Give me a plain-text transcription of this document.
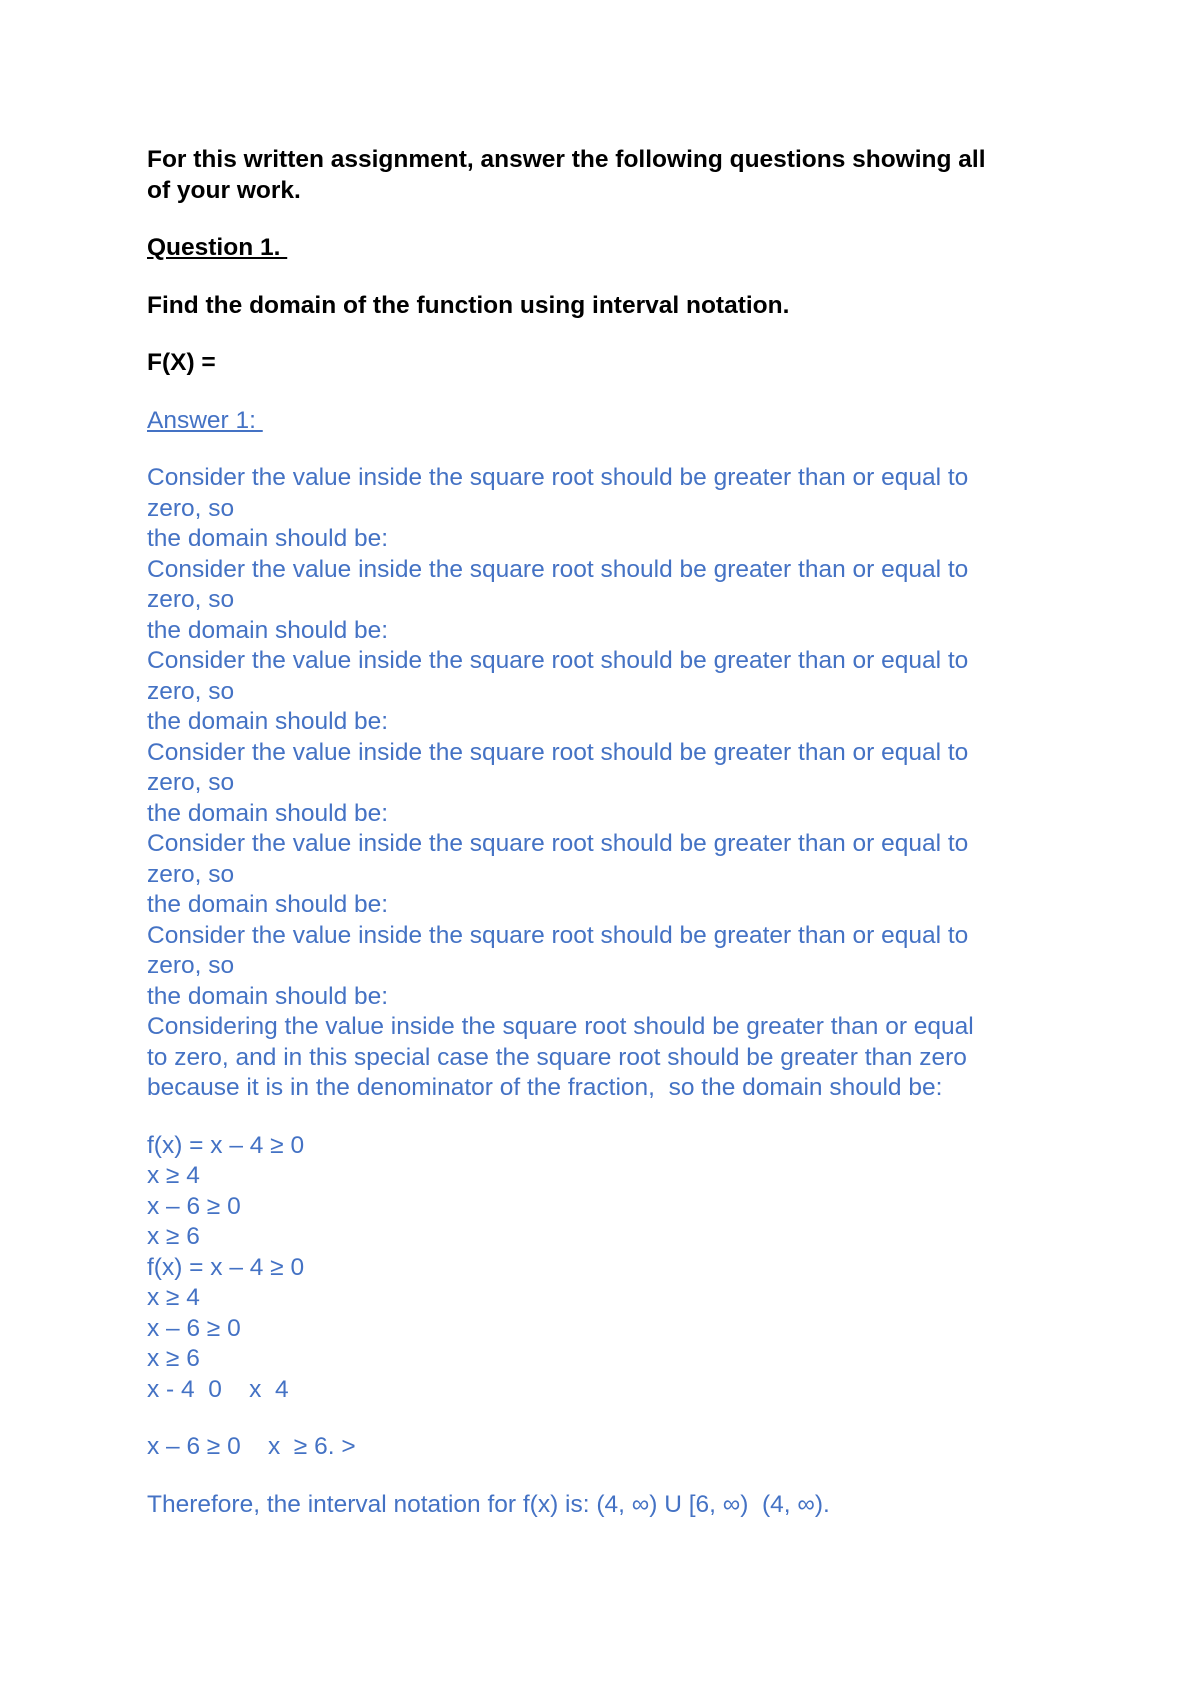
For this written assignment, answer the following questions showing all

of your work.

Question 1.

Find the domain of the function using interval notation.

F(X) =

Answer 1:

Consider the value inside the square root should be greater than or equal to

zero, so

the domain should be:

Consider the value inside the square root should be greater than or equal to

zero, so

the domain should be:

Consider the value inside the square root should be greater than or equal to

zero, so

the domain should be:

Consider the value inside the square root should be greater than or equal to

zero, so

the domain should be:

Consider the value inside the square root should be greater than or equal to

zero, so

the domain should be:

Consider the value inside the square root should be greater than or equal to

zero, so

the domain should be:

Considering the value inside the square root should be greater than or equal

to zero, and in this special case the square root should be greater than zero

because it is in the denominator of the fraction,  so the domain should be:

f(x) = x – 4 ≥ 0

x ≥ 4

x – 6 ≥ 0

x ≥ 6

f(x) = x – 4 ≥ 0

x ≥ 4

x – 6 ≥ 0

x ≥ 6

x - 4  0    x  4

x – 6 ≥ 0    x  ≥ 6. >

Therefore, the interval notation for f(x) is: (4, ∞) U [6, ∞)  (4, ∞).
